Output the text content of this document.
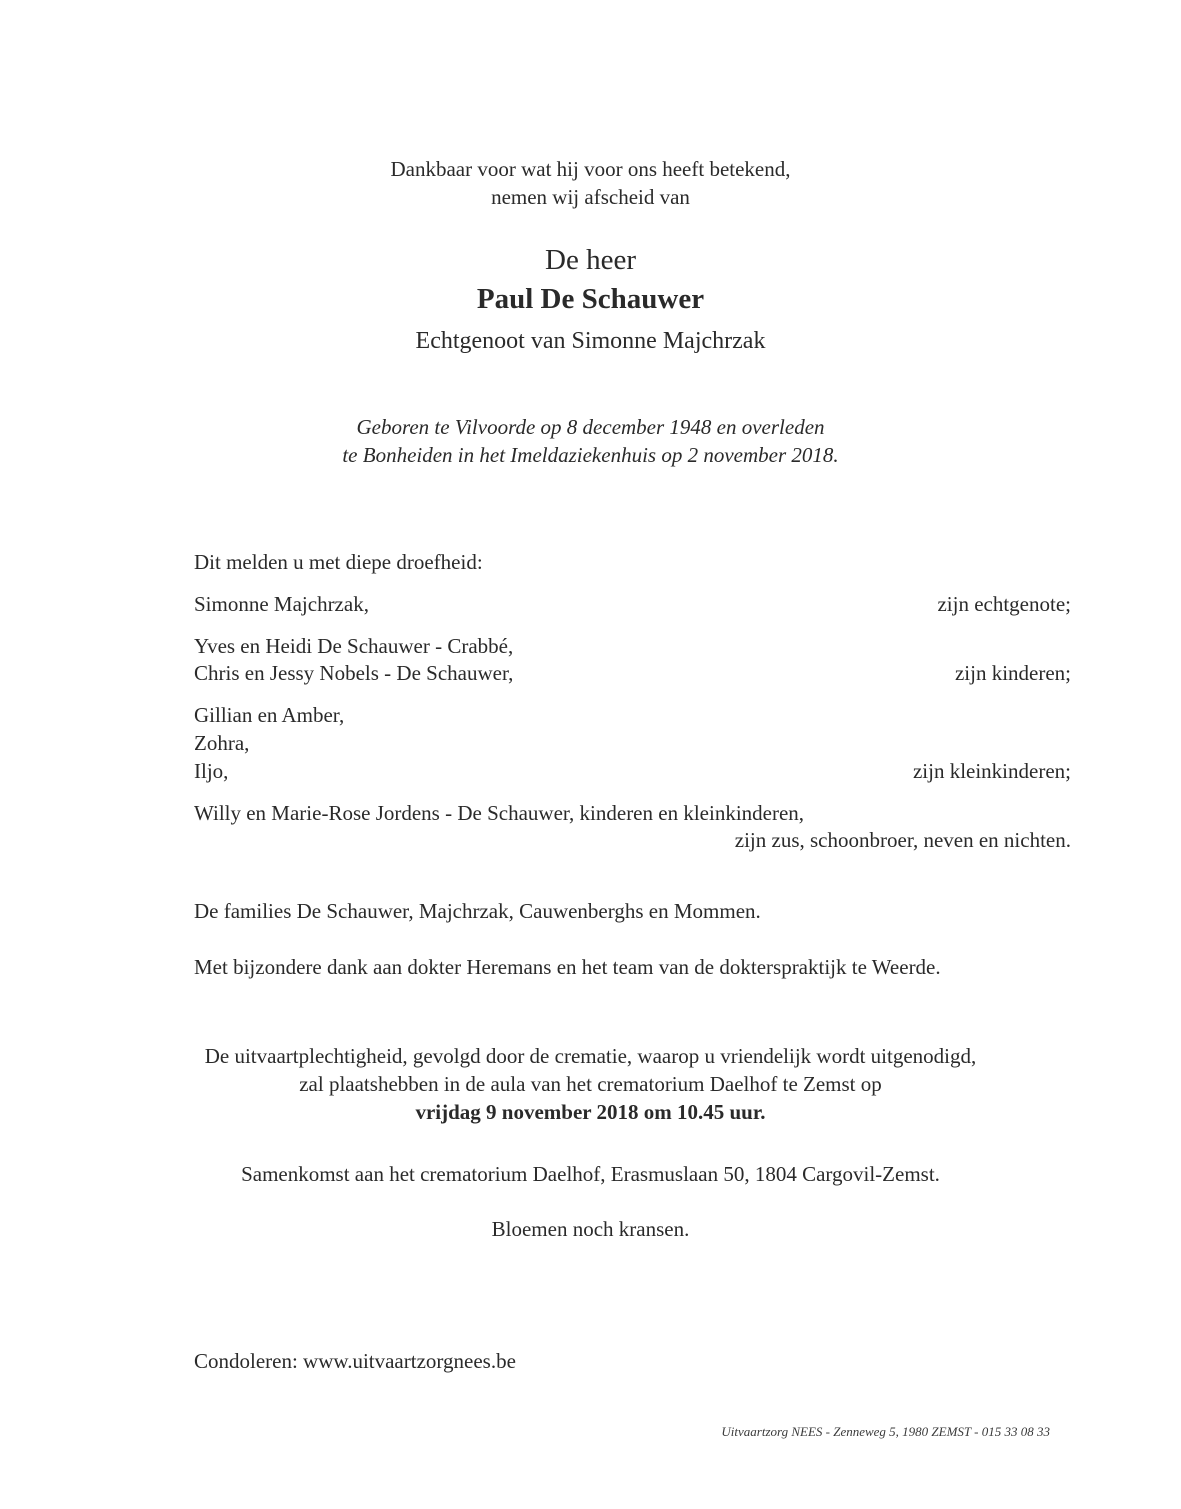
Dankbaar voor wat hij voor ons heeft betekend,
nemen wij afscheid van
De heer
Paul De Schauwer
Echtgenoot van Simonne Majchrzak
Geboren te Vilvoorde op 8 december 1948 en overleden
te Bonheiden in het Imeldaziekenhuis op 2 november 2018.
Dit melden u met diepe droefheid:
Simonne Majchrzak,	zijn echtgenote;
Yves en Heidi De Schauwer - Crabbé,
Chris en Jessy Nobels - De Schauwer,	zijn kinderen;
Gillian en Amber,
Zohra,
Iljo,	zijn kleinkinderen;
Willy en Marie-Rose Jordens - De Schauwer, kinderen en kleinkinderen,
zijn zus, schoonbroer, neven en nichten.
De families De Schauwer, Majchrzak, Cauwenberghs en Mommen.
Met bijzondere dank aan dokter Heremans en het team van de dokterspraktijk te Weerde.
De uitvaartplechtigheid, gevolgd door de crematie, waarop u vriendelijk wordt uitgenodigd,
zal plaatshebben in de aula van het crematorium Daelhof te Zemst op
vrijdag 9 november 2018 om 10.45 uur.
Samenkomst aan het crematorium Daelhof, Erasmuslaan 50, 1804 Cargovil-Zemst.
Bloemen noch kransen.
Condoleren: www.uitvaartzorgnees.be
Uitvaartzorg NEES - Zenneweg 5, 1980 ZEMST - 015 33 08 33
